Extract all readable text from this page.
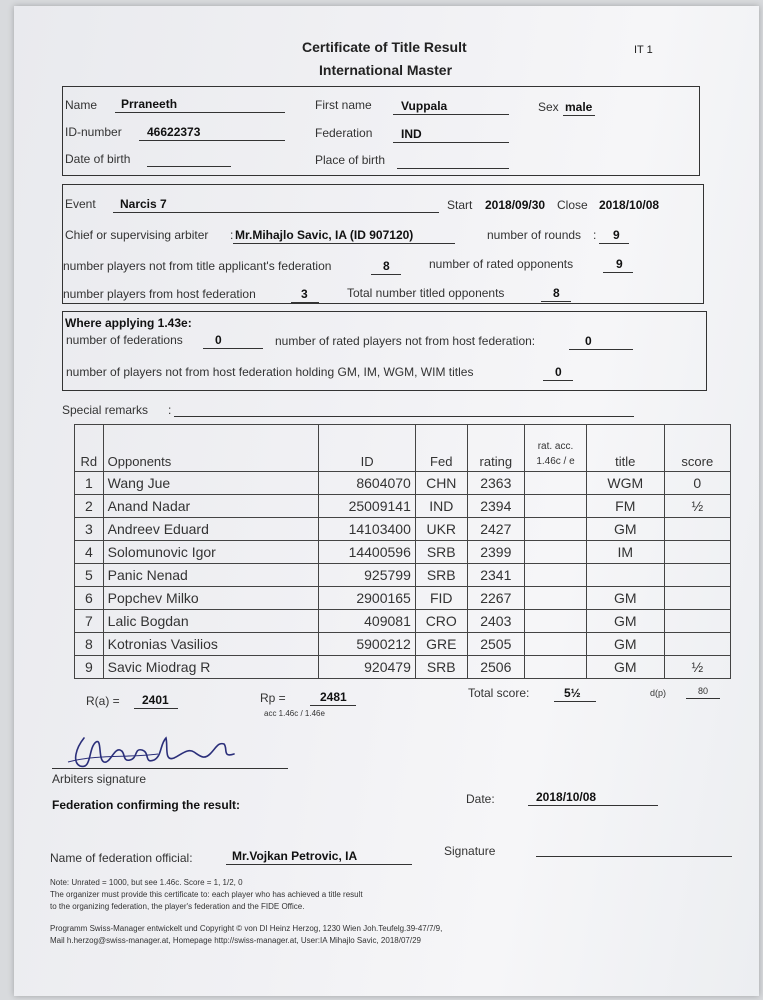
Certificate of Title Result
International Master
IT 1
Name Prraneeth	First name Vuppala	Sex male
ID-number 46622373	Federation IND
Date of birth	Place of birth
Event Narcis 7	Start 2018/09/30 Close 2018/10/08
Chief or supervising arbiter : Mr.Mihajlo Savic, IA (ID 907120)	number of rounds : 9
number players not from title applicant's federation	8	number of rated opponents	9
number players from host federation	3	Total number titled opponents	8
Where applying 1.43e:
number of federations	0	number of rated players not from host federation:	0
number of players not from host federation holding GM, IM, WGM, WIM titles	0
Special remarks :
Rd	Opponents	ID	Fed	rating	rat. acc.
1.46c / e	title	score
1	Wang Jue	8604070	CHN	2363		WGM	0
2	Anand Nadar	25009141	IND	2394		FM	½
3	Andreev Eduard	14103400	UKR	2427		GM	
4	Solomunovic Igor	14400596	SRB	2399		IM	
5	Panic Nenad	925799	SRB	2341			
6	Popchev Milko	2900165	FID	2267		GM	
7	Lalic Bogdan	409081	CRO	2403		GM	
8	Kotronias Vasilios	5900212	GRE	2505		GM	
9	Savic Miodrag R	920479	SRB	2506		GM	½
R(a) = 2401	Rp =	2481
acc 1.46c / 1.46e
Total score:	5½	d(p)	80
Arbiters signature
Federation confirming the result:	Date:	2018/10/08
Name of federation official:	Mr.Vojkan Petrovic, IA	Signature
Note: Unrated = 1000, but see 1.46c. Score = 1, 1/2, 0
The organizer must provide this certificate to: each player who has achieved a title result
to the organizing federation, the player's federation and the FIDE Office.
Programm Swiss-Manager entwickelt und Copyright © von DI Heinz Herzog, 1230 Wien Joh.Teufelg.39-47/7/9,
Mail h.herzog@swiss-manager.at, Homepage http://swiss-manager.at, User:IA Mihajlo Savic, 2018/07/29
